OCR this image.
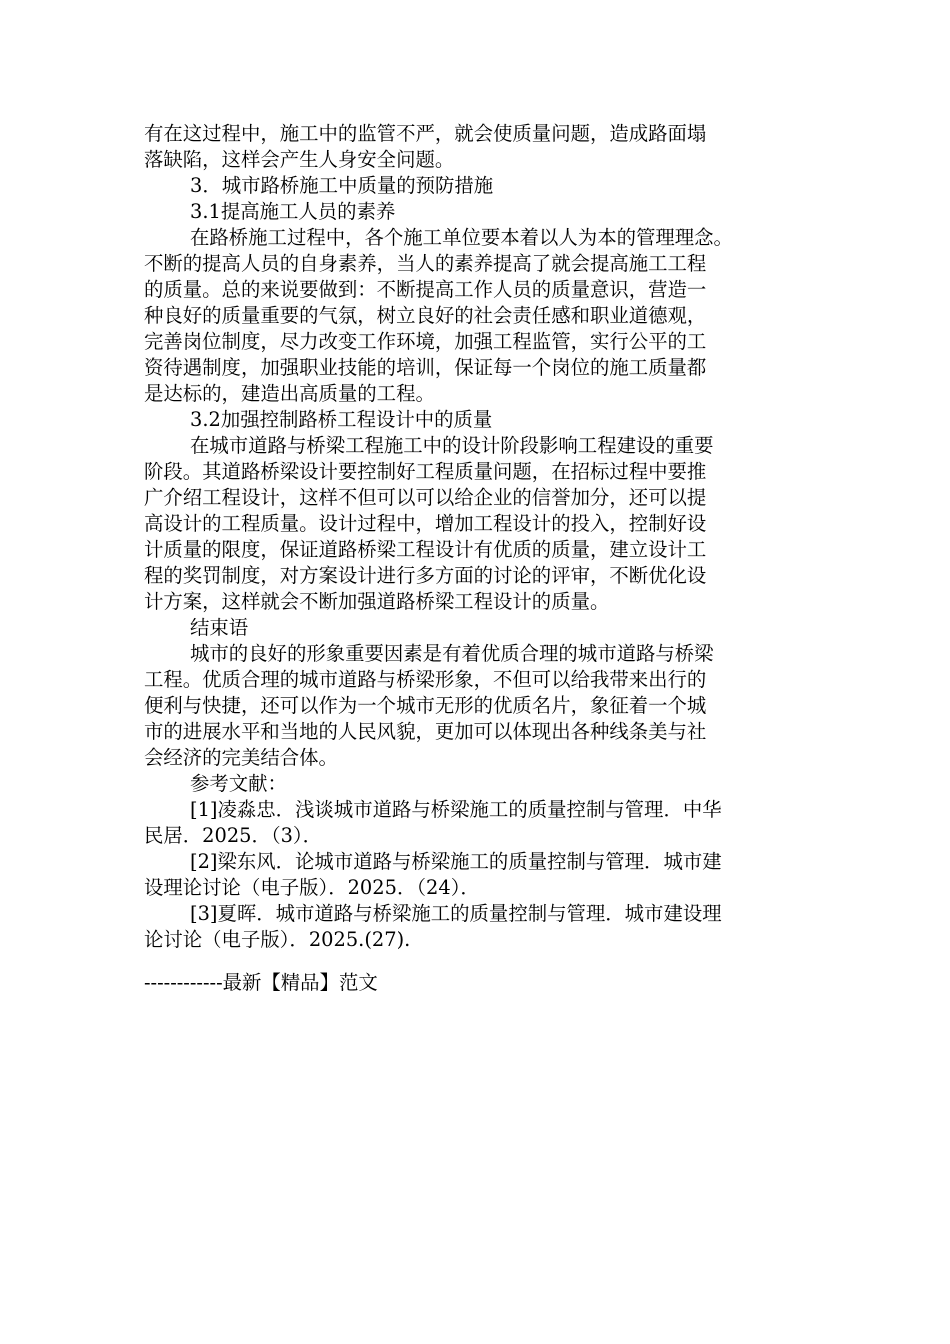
有在这过程中，施工中的监管不严，就会使质量问题，造成路面塌
落缺陷，这样会产生人身安全问题。
3．城市路桥施工中质量的预防措施
3.1提高施工人员的素养
在路桥施工过程中，各个施工单位要本着以人为本的管理理念。
不断的提高人员的自身素养，当人的素养提高了就会提高施工工程
的质量。总的来说要做到：不断提高工作人员的质量意识，营造一
种良好的质量重要的气氛，树立良好的社会责任感和职业道德观，
完善岗位制度，尽力改变工作环境，加强工程监管，实行公平的工
资待遇制度，加强职业技能的培训，保证每一个岗位的施工质量都
是达标的，建造出高质量的工程。
3.2加强控制路桥工程设计中的质量
在城市道路与桥梁工程施工中的设计阶段影响工程建设的重要
阶段。其道路桥梁设计要控制好工程质量问题，在招标过程中要推
广介绍工程设计，这样不但可以可以给企业的信誉加分，还可以提
高设计的工程质量。设计过程中，增加工程设计的投入，控制好设
计质量的限度，保证道路桥梁工程设计有优质的质量，建立设计工
程的奖罚制度，对方案设计进行多方面的讨论的评审，不断优化设
计方案，这样就会不断加强道路桥梁工程设计的质量。
结束语
城市的良好的形象重要因素是有着优质合理的城市道路与桥梁
工程。优质合理的城市道路与桥梁形象，不但可以给我带来出行的
便利与快捷，还可以作为一个城市无形的优质名片，象征着一个城
市的进展水平和当地的人民风貌，更加可以体现出各种线条美与社
会经济的完美结合体。
参考文献：
[1]凌淼忠．浅谈城市道路与桥梁施工的质量控制与管理．中华
民居．2025．（3）．
[2]梁东风．论城市道路与桥梁施工的质量控制与管理．城市建
设理论讨论（电子版）．2025．（24）．
[3]夏晖．城市道路与桥梁施工的质量控制与管理．城市建设理
论讨论（电子版）．2025.(27).
------------最新【精品】范文
